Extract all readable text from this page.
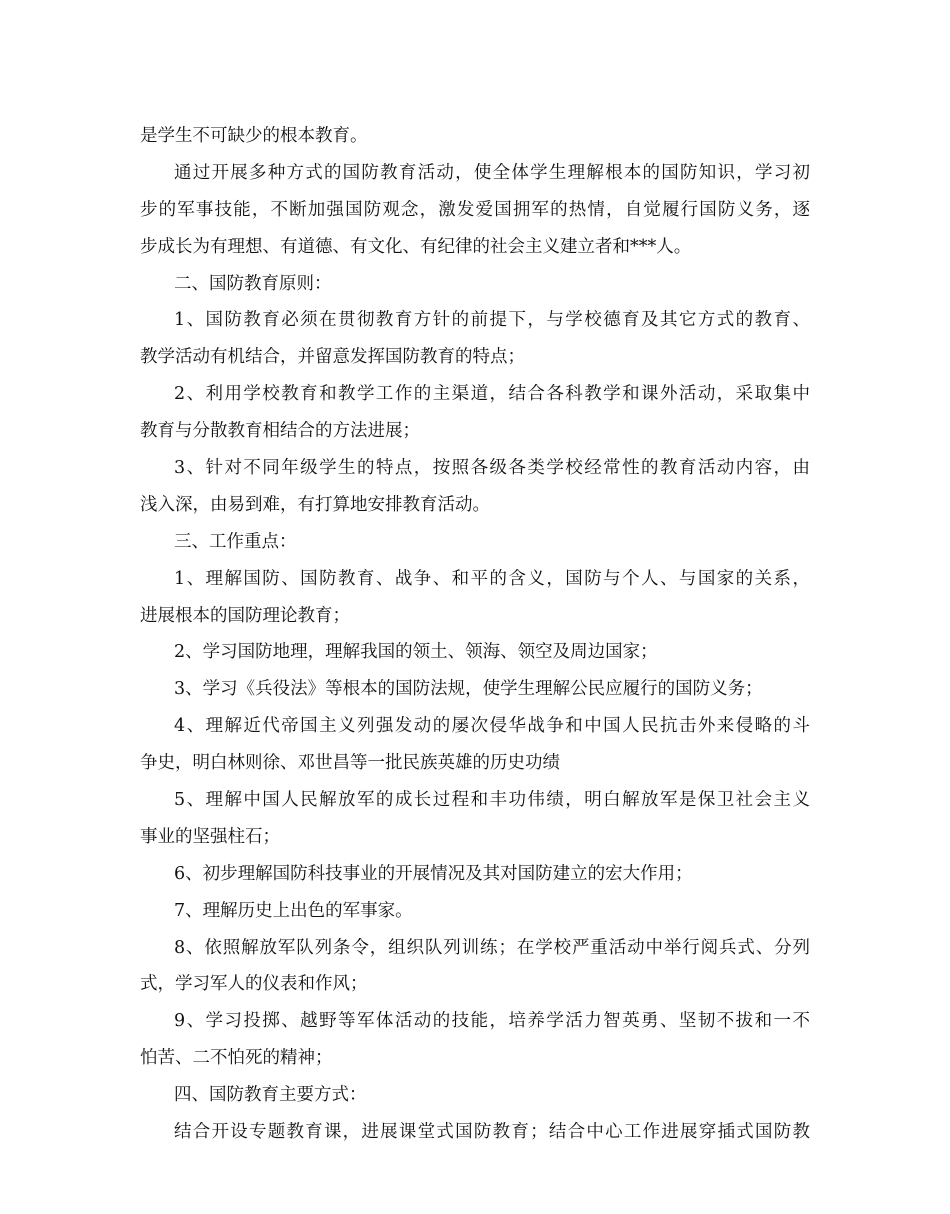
是学生不可缺少的根本教育。
通过开展多种方式的国防教育活动，使全体学生理解根本的国防知识，学习初
步的军事技能，不断加强国防观念，激发爱国拥军的热情，自觉履行国防义务，逐
步成长为有理想、有道德、有文化、有纪律的社会主义建立者和***人。
二、国防教育原则：
1、国防教育必须在贯彻教育方针的前提下，与学校德育及其它方式的教育、
教学活动有机结合，并留意发挥国防教育的特点；
2、利用学校教育和教学工作的主渠道，结合各科教学和课外活动，采取集中
教育与分散教育相结合的方法进展；
3、针对不同年级学生的特点，按照各级各类学校经常性的教育活动内容，由
浅入深，由易到难，有打算地安排教育活动。
三、工作重点：
1、理解国防、国防教育、战争、和平的含义，国防与个人、与国家的关系，
进展根本的国防理论教育；
2、学习国防地理，理解我国的领土、领海、领空及周边国家；
3、学习《兵役法》等根本的国防法规，使学生理解公民应履行的国防义务；
4、理解近代帝国主义列强发动的屡次侵华战争和中国人民抗击外来侵略的斗
争史，明白林则徐、邓世昌等一批民族英雄的历史功绩
5、理解中国人民解放军的成长过程和丰功伟绩，明白解放军是保卫社会主义
事业的坚强柱石；
6、初步理解国防科技事业的开展情况及其对国防建立的宏大作用；
7、理解历史上出色的军事家。
8、依照解放军队列条令，组织队列训练；在学校严重活动中举行阅兵式、分列
式，学习军人的仪表和作风；
9、学习投掷、越野等军体活动的技能，培养学活力智英勇、坚韧不拔和一不
怕苦、二不怕死的精神；
四、国防教育主要方式：
结合开设专题教育课，进展课堂式国防教育；结合中心工作进展穿插式国防教
